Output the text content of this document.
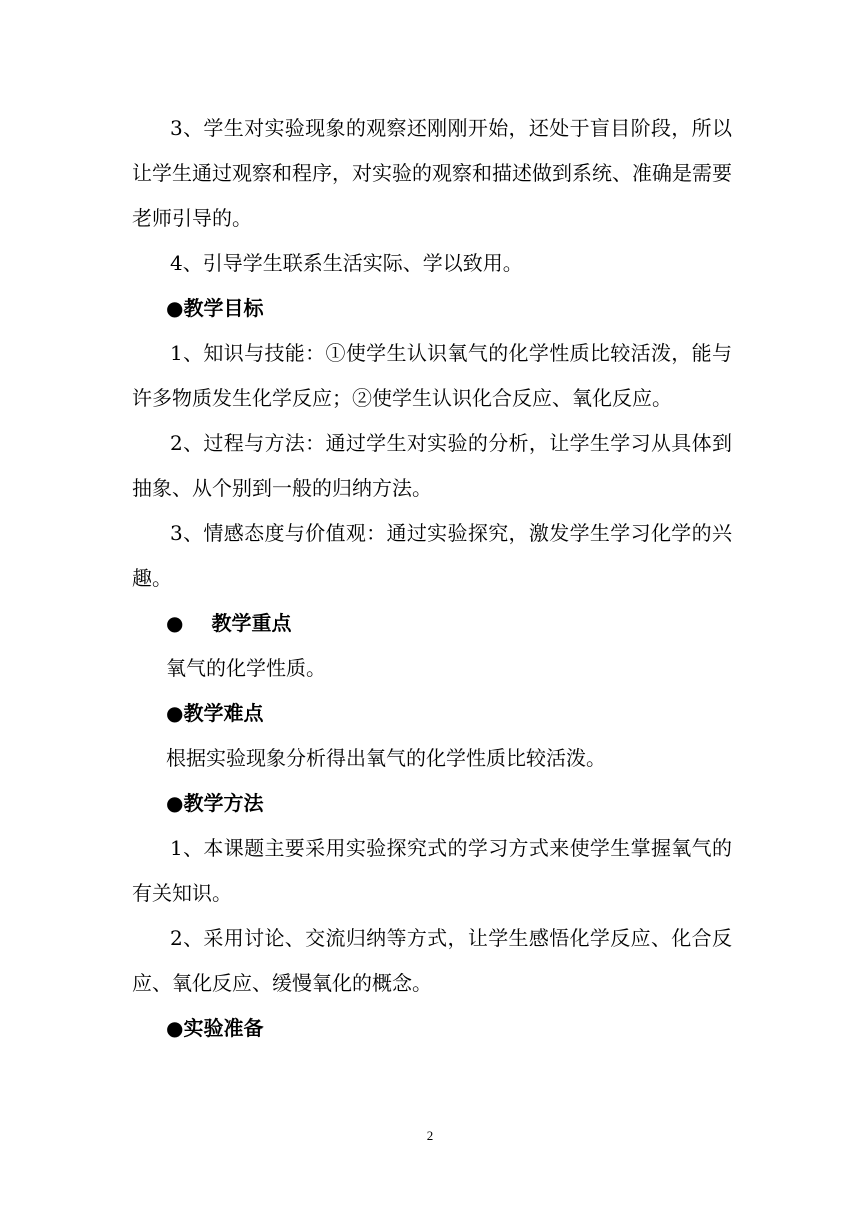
3、学生对实验现象的观察还刚刚开始，还处于盲目阶段，所以让学生通过观察和程序，对实验的观察和描述做到系统、准确是需要老师引导的。

4、引导学生联系生活实际、学以致用。

●教学目标

1、知识与技能：①使学生认识氧气的化学性质比较活泼，能与许多物质发生化学反应；②使学生认识化合反应、氧化反应。

2、过程与方法：通过学生对实验的分析，让学生学习从具体到抽象、从个别到一般的归纳方法。

3、情感态度与价值观：通过实验探究，激发学生学习化学的兴趣。

● 教学重点

氧气的化学性质。

●教学难点

根据实验现象分析得出氧气的化学性质比较活泼。

●教学方法

1、本课题主要采用实验探究式的学习方式来使学生掌握氧气的有关知识。

2、采用讨论、交流归纳等方式，让学生感悟化学反应、化合反应、氧化反应、缓慢氧化的概念。

●实验准备

2
